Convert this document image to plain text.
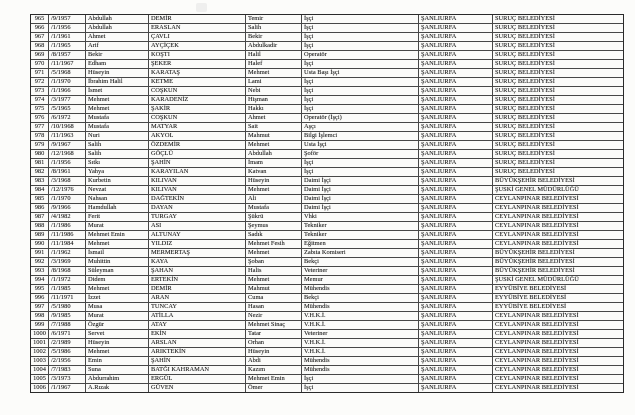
965	/9/1957	Abdullah	DEMİR	Temir	İşçi	ŞANLIURFA	SURUÇ BELEDİYESİ
966	/1/1956	Abdullah	ERASLAN	Salih	İşçi	ŞANLIURFA	SURUÇ BELEDİYESİ
967	/1/1961	Ahmet	ÇAVLI	Bekir	İşçi	ŞANLIURFA	SURUÇ BELEDİYESİ
968	/1/1965	Arif	AYÇİÇEK	Abdulkadir	İşçi	ŞANLIURFA	SURUÇ BELEDİYESİ
969	/8/1957	Bekir	KOŞTI	Halil	Operatör	ŞANLIURFA	SURUÇ BELEDİYESİ
970	/11/1967	Edham	ŞEKER	Halef	İşçi	ŞANLIURFA	SURUÇ BELEDİYESİ
971	/5/1968	Hüseyin	KARATAŞ	Mehmet	Usta Başı İşçi	ŞANLIURFA	SURUÇ BELEDİYESİ
972	/1/1970	İbrahim Halil	KETME	Lami	İşçi	ŞANLIURFA	SURUÇ BELEDİYESİ
973	/1/1966	İsmet	COŞKUN	Nebi	İşçi	ŞANLIURFA	SURUÇ BELEDİYESİ
974	/3/1977	Mehmet	KARADENİZ	Hişman	İşçi	ŞANLIURFA	SURUÇ BELEDİYESİ
975	/5/1965	Mehmet	ŞAKİR	Hakkı	İşçi	ŞANLIURFA	SURUÇ BELEDİYESİ
976	/6/1972	Mustafa	COŞKUN	Ahmet	Operatör (İşçi)	ŞANLIURFA	SURUÇ BELEDİYESİ
977	/10/1968	Mustafa	MATYAR	Sait	Aşçı	ŞANLIURFA	SURUÇ BELEDİYESİ
978	/11/1963	Nuri	AKYOL	Mahmut	Bilgi İşlemci	ŞANLIURFA	SURUÇ BELEDİYESİ
979	/9/1967	Salih	ÖZDEMİR	Mehmet	Usta İşçi	ŞANLIURFA	SURUÇ BELEDİYESİ
980	/12/1968	Salih	GÖÇLÜ	Abdullah	Şoför	ŞANLIURFA	SURUÇ BELEDİYESİ
981	/1/1956	Sıtkı	ŞAHİN	İmam	İşçi	ŞANLIURFA	SURUÇ BELEDİYESİ
982	/8/1961	Yahya	KARAYILAN	Katvan	İşçi	ŞANLIURFA	SURUÇ BELEDİYESİ
983	/3/1968	Kurbetin	KILIVAN	Hüseyin	Daimi İşçi	ŞANLIURFA	BÜYÜKŞEHİR BELEDİYESİ
984	/12/1976	Nevzat	KILIVAN	Mehmet	Daimi İşçi	ŞANLIURFA	ŞUSKİ GENEL MÜDÜRLÜĞÜ
985	/1/1970	Nahsan	DAĞTEKİN	Ali	Daimi İşçi	ŞANLIURFA	CEYLANPINAR BELEDİYESİ
986	/9/1966	Hamdullah	DAYAN	Mustafa	Daimi İşçi	ŞANLIURFA	CEYLANPINAR BELEDİYESİ
987	/4/1982	Ferit	TURGAY	Şükrü	Vhki	ŞANLIURFA	CEYLANPINAR BELEDİYESİ
988	/1/1986	Murat	ASI	Şeymus	Tekniker	ŞANLIURFA	CEYLANPINAR BELEDİYESİ
989	/11/1986	Mehmet Emin	ALTUNAY	Sadık	Tekniker	ŞANLIURFA	CEYLANPINAR BELEDİYESİ
990	/11/1984	Mehmet	YILDIZ	Mehmet Fesih	Eğitmen	ŞANLIURFA	CEYLANPINAR BELEDİYESİ
991	/1/1962	İsmail	MERMERTAŞ	Mehmet	Zabıta Komiseri	ŞANLIURFA	BÜYÜKŞEHİR BELEDİYESİ
992	/3/1969	Muhittin	KAYA	Şoban	Bekçi	ŞANLIURFA	BÜYÜKŞEHİR BELEDİYESİ
993	/8/1968	Süleyman	ŞAHAN	Halis	Veteriner	ŞANLIURFA	BÜYÜKŞEHİR BELEDİYESİ
994	/1/1972	Didem	ERTEKİN	Mehmet	Memur	ŞANLIURFA	ŞUSKİ GENEL MÜDÜRLÜĞÜ
995	/1/1985	Mehmet	DEMİR	Mahmut	Mühendis	ŞANLIURFA	EYYÜBİYE BELEDİYESİ
996	/11/1971	İzzet	ARAN	Cuma	Bekçi	ŞANLIURFA	EYYÜBİYE BELEDİYESİ
997	/5/1980	Musa	TUNCAY	Hasan	Mühendis	ŞANLIURFA	EYYÜBİYE BELEDİYESİ
998	/9/1985	Murat	ATİLLA	Nezir	V.H.K.İ.	ŞANLIURFA	CEYLANPINAR BELEDİYESİ
999	/7/1988	Özgür	ATAY	Mehmet Sinaç	V.H.K.İ.	ŞANLIURFA	CEYLANPINAR BELEDİYESİ
1000 /6/1971	Servet	EKİN	Tatar	Veteriner	ŞANLIURFA	CEYLANPINAR BELEDİYESİ
1001 /2/1989	Hüseyin	ARSLAN	Orhan	V.H.K.İ.	ŞANLIURFA	CEYLANPINAR BELEDİYESİ
1002 /5/1986	Mehmet	ARIKTEKİN	Hüseyin	V.H.K.İ.	ŞANLIURFA	CEYLANPINAR BELEDİYESİ
1003 /2/1956	Emin	ŞAHİN	Abdi	Mühendis	ŞANLIURFA	CEYLANPINAR BELEDİYESİ
1004 /7/1983	Suna	BATĞI KAHRAMAN	Kazım	Mühendis	ŞANLIURFA	CEYLANPINAR BELEDİYESİ
1005 /3/1973	Abdurrahim	ERGÜL	Mehmet Emin	İşçi	ŞANLIURFA	CEYLANPINAR BELEDİYESİ
1006 /1/1967	A.Rızak	GÜVEN	Ömer	İşçi	ŞANLIURFA	CEYLANPINAR BELEDİYESİ
